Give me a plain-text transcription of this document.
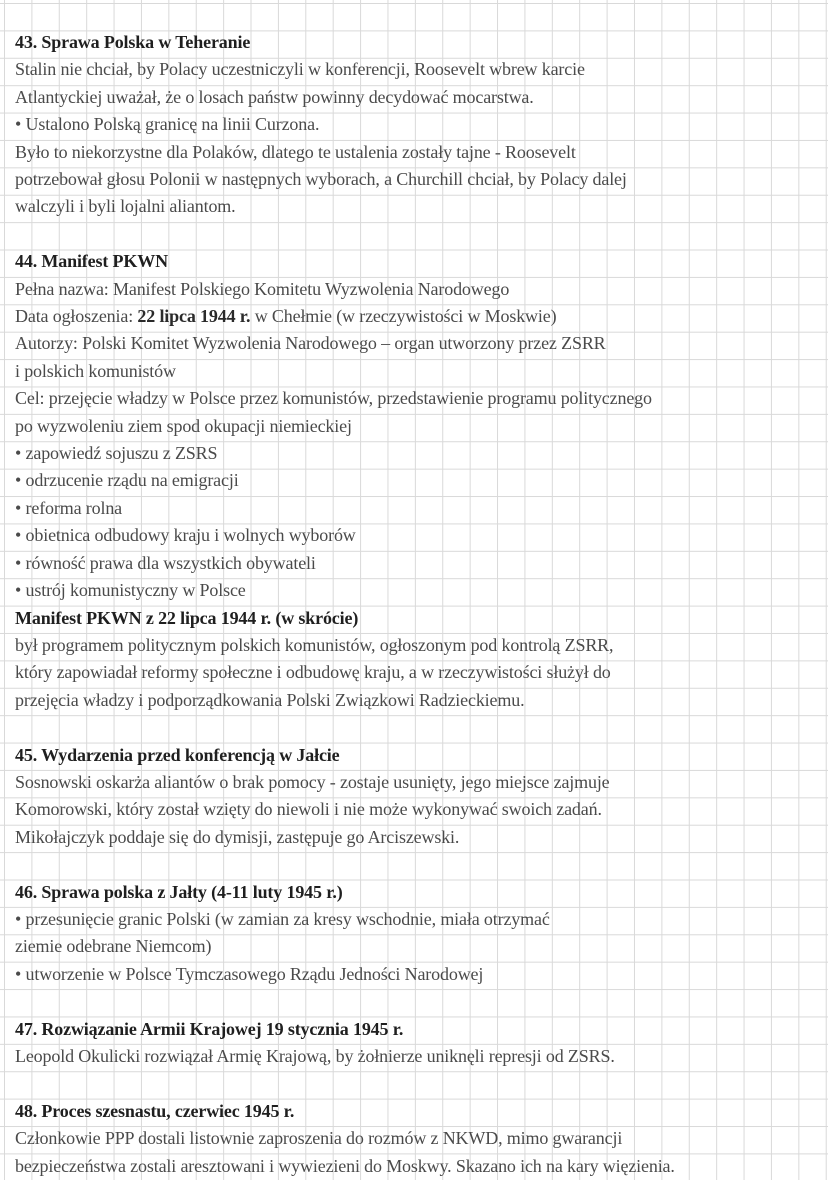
43. Sprawa Polska w Teheranie
Stalin nie chciał, by Polacy uczestniczyli w konferencji, Roosevelt wbrew karcie
Atlantyckiej uważał, że o losach państw powinny decydować mocarstwa.
• Ustalono Polską granicę na linii Curzona.
Było to niekorzystne dla Polaków, dlatego te ustalenia zostały tajne - Roosevelt
potrzebował głosu Polonii w następnych wyborach, a Churchill chciał, by Polacy dalej
walczyli i byli lojalni aliantom.
44. Manifest PKWN
Pełna nazwa: Manifest Polskiego Komitetu Wyzwolenia Narodowego
Data ogłoszenia: 22 lipca 1944 r. w Chełmie (w rzeczywistości w Moskwie)
Autorzy: Polski Komitet Wyzwolenia Narodowego – organ utworzony przez ZSRR
i polskich komunistów
Cel: przejęcie władzy w Polsce przez komunistów, przedstawienie programu politycznego
po wyzwoleniu ziem spod okupacji niemieckiej
• zapowiedź sojuszu z ZSRS
• odrzucenie rządu na emigracji
• reforma rolna
• obietnica odbudowy kraju i wolnych wyborów
• równość prawa dla wszystkich obywateli
• ustrój komunistyczny w Polsce
Manifest PKWN z 22 lipca 1944 r. (w skrócie)
był programem politycznym polskich komunistów, ogłoszonym pod kontrolą ZSRR,
który zapowiadał reformy społeczne i odbudowę kraju, a w rzeczywistości służył do
przejęcia władzy i podporządkowania Polski Związkowi Radzieckiemu.
45. Wydarzenia przed konferencją w Jałcie
Sosnowski oskarża aliantów o brak pomocy - zostaje usunięty, jego miejsce zajmuje
Komorowski, który został wzięty do niewoli i nie może wykonywać swoich zadań.
Mikołajczyk poddaje się do dymisji, zastępuje go Arciszewski.
46. Sprawa polska z Jałty (4-11 luty 1945 r.)
• przesunięcie granic Polski (w zamian za kresy wschodnie, miała otrzymać
ziemie odebrane Niemcom)
• utworzenie w Polsce Tymczasowego Rządu Jedności Narodowej
47. Rozwiązanie Armii Krajowej 19 stycznia 1945 r.
Leopold Okulicki rozwiązał Armię Krajową, by żołnierze uniknęli represji od ZSRS.
48. Proces szesnastu, czerwiec 1945 r.
Członkowie PPP dostali listownie zaproszenia do rozmów z NKWD, mimo gwarancji
bezpieczeństwa zostali aresztowani i wywiezieni do Moskwy. Skazano ich na kary więzienia.
